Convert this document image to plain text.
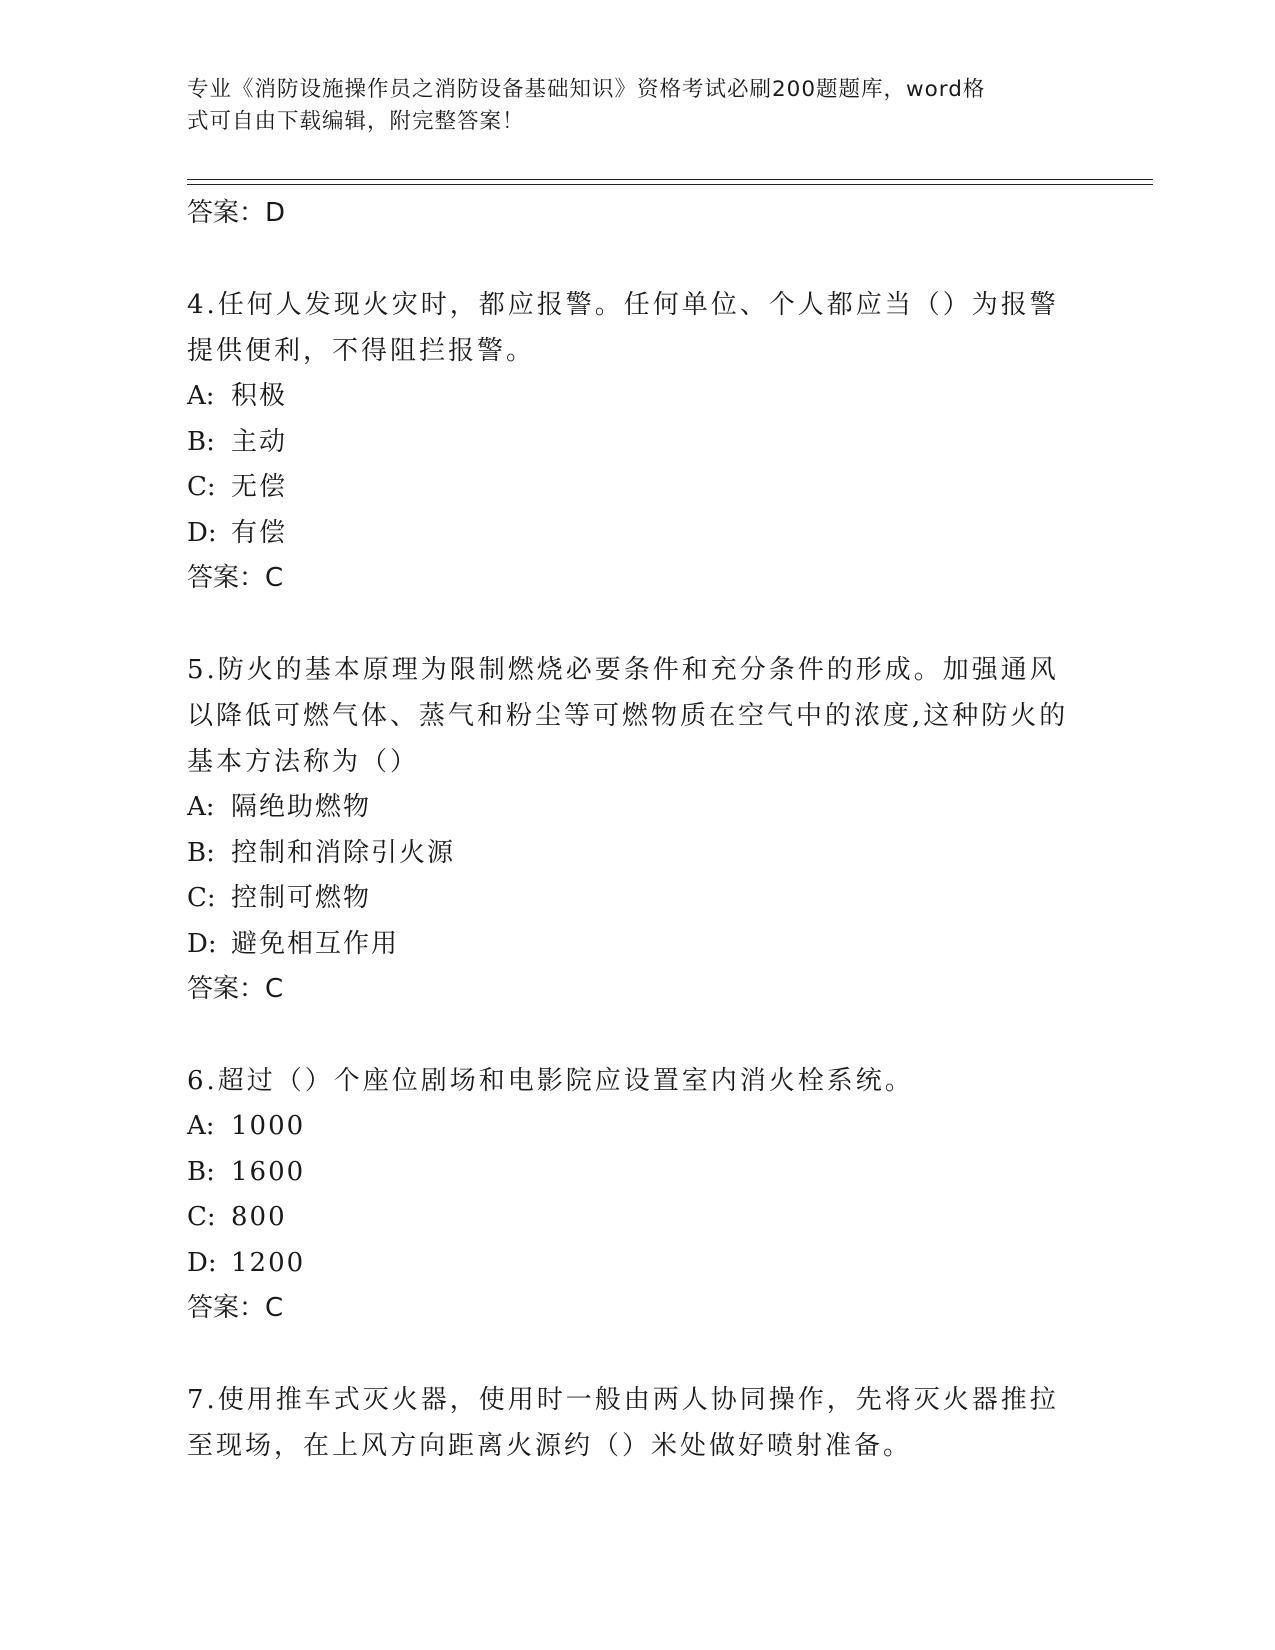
专业《消防设施操作员之消防设备基础知识》资格考试必刷200题题库，word格
式可自由下载编辑，附完整答案！
答案：D
4.任何人发现火灾时，都应报警。任何单位、个人都应当（）为报警
提供便利，不得阻拦报警。
A: 积极
B: 主动
C: 无偿
D: 有偿
答案：C
5.防火的基本原理为限制燃烧必要条件和充分条件的形成。加强通风
以降低可燃气体、蒸气和粉尘等可燃物质在空气中的浓度,这种防火的
基本方法称为（）
A: 隔绝助燃物
B: 控制和消除引火源
C: 控制可燃物
D: 避免相互作用
答案：C
6.超过（）个座位剧场和电影院应设置室内消火栓系统。
A: 1000
B: 1600
C: 800
D: 1200
答案：C
7.使用推车式灭火器，使用时一般由两人协同操作，先将灭火器推拉
至现场，在上风方向距离火源约（）米处做好喷射准备。
